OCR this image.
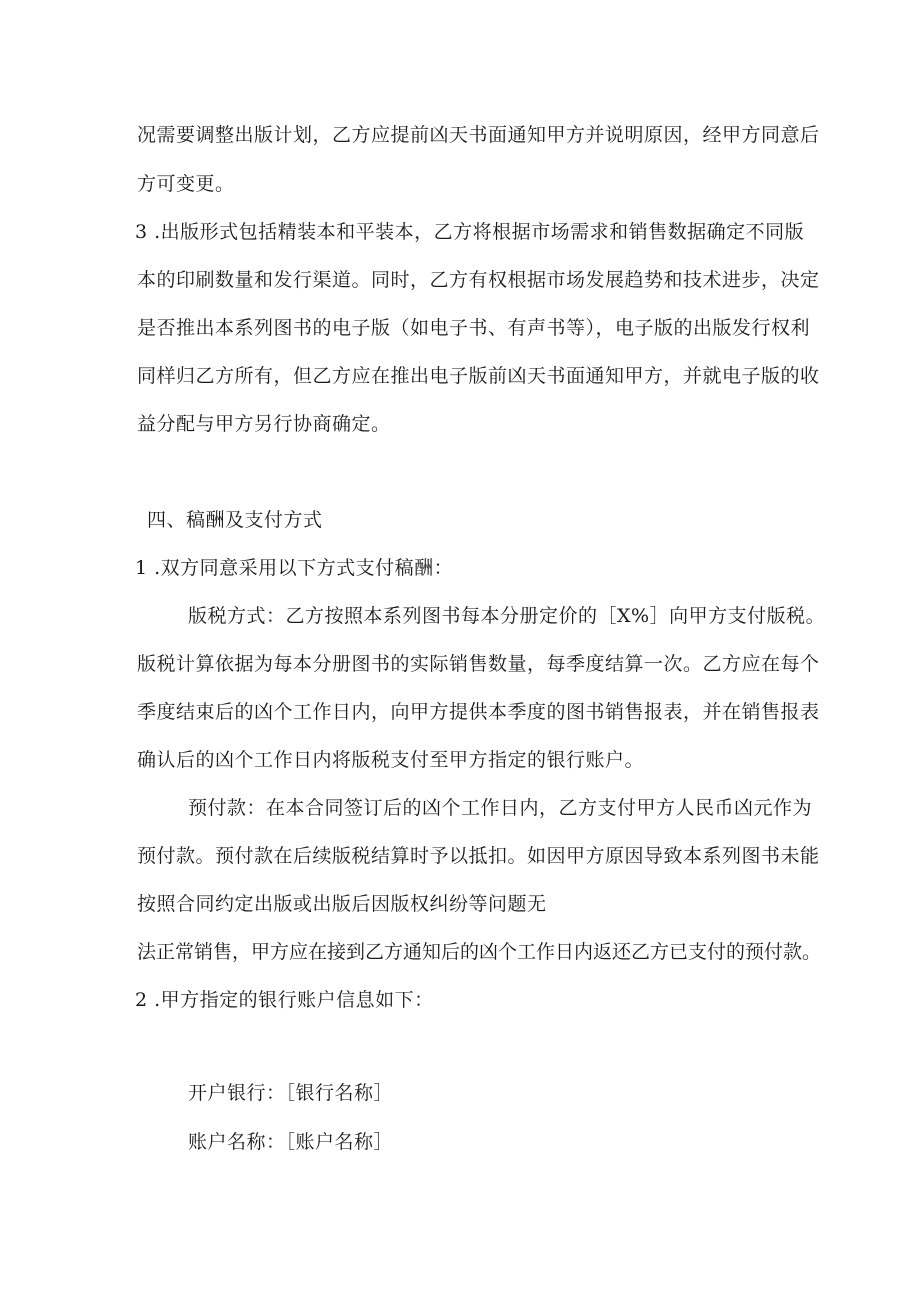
况需要调整出版计划，乙方应提前凶天书面通知甲方并说明原因，经甲方同意后
方可变更。
3 .出版形式包括精装本和平装本，乙方将根据市场需求和销售数据确定不同版
本的印刷数量和发行渠道。同时，乙方有权根据市场发展趋势和技术进步，决定
是否推出本系列图书的电子版（如电子书、有声书等），电子版的出版发行权利
同样归乙方所有，但乙方应在推出电子版前凶天书面通知甲方，并就电子版的收
益分配与甲方另行协商确定。
四、稿酬及支付方式
1 .双方同意采用以下方式支付稿酬：
版税方式：乙方按照本系列图书每本分册定价的［X%］向甲方支付版税。
版税计算依据为每本分册图书的实际销售数量，每季度结算一次。乙方应在每个
季度结束后的凶个工作日内，向甲方提供本季度的图书销售报表，并在销售报表
确认后的凶个工作日内将版税支付至甲方指定的银行账户。
预付款：在本合同签订后的凶个工作日内，乙方支付甲方人民币凶元作为
预付款。预付款在后续版税结算时予以抵扣。如因甲方原因导致本系列图书未能
按照合同约定出版或出版后因版权纠纷等问题无
法正常销售，甲方应在接到乙方通知后的凶个工作日内返还乙方已支付的预付款。
2 .甲方指定的银行账户信息如下：
开户银行：［银行名称］
账户名称：［账户名称］
